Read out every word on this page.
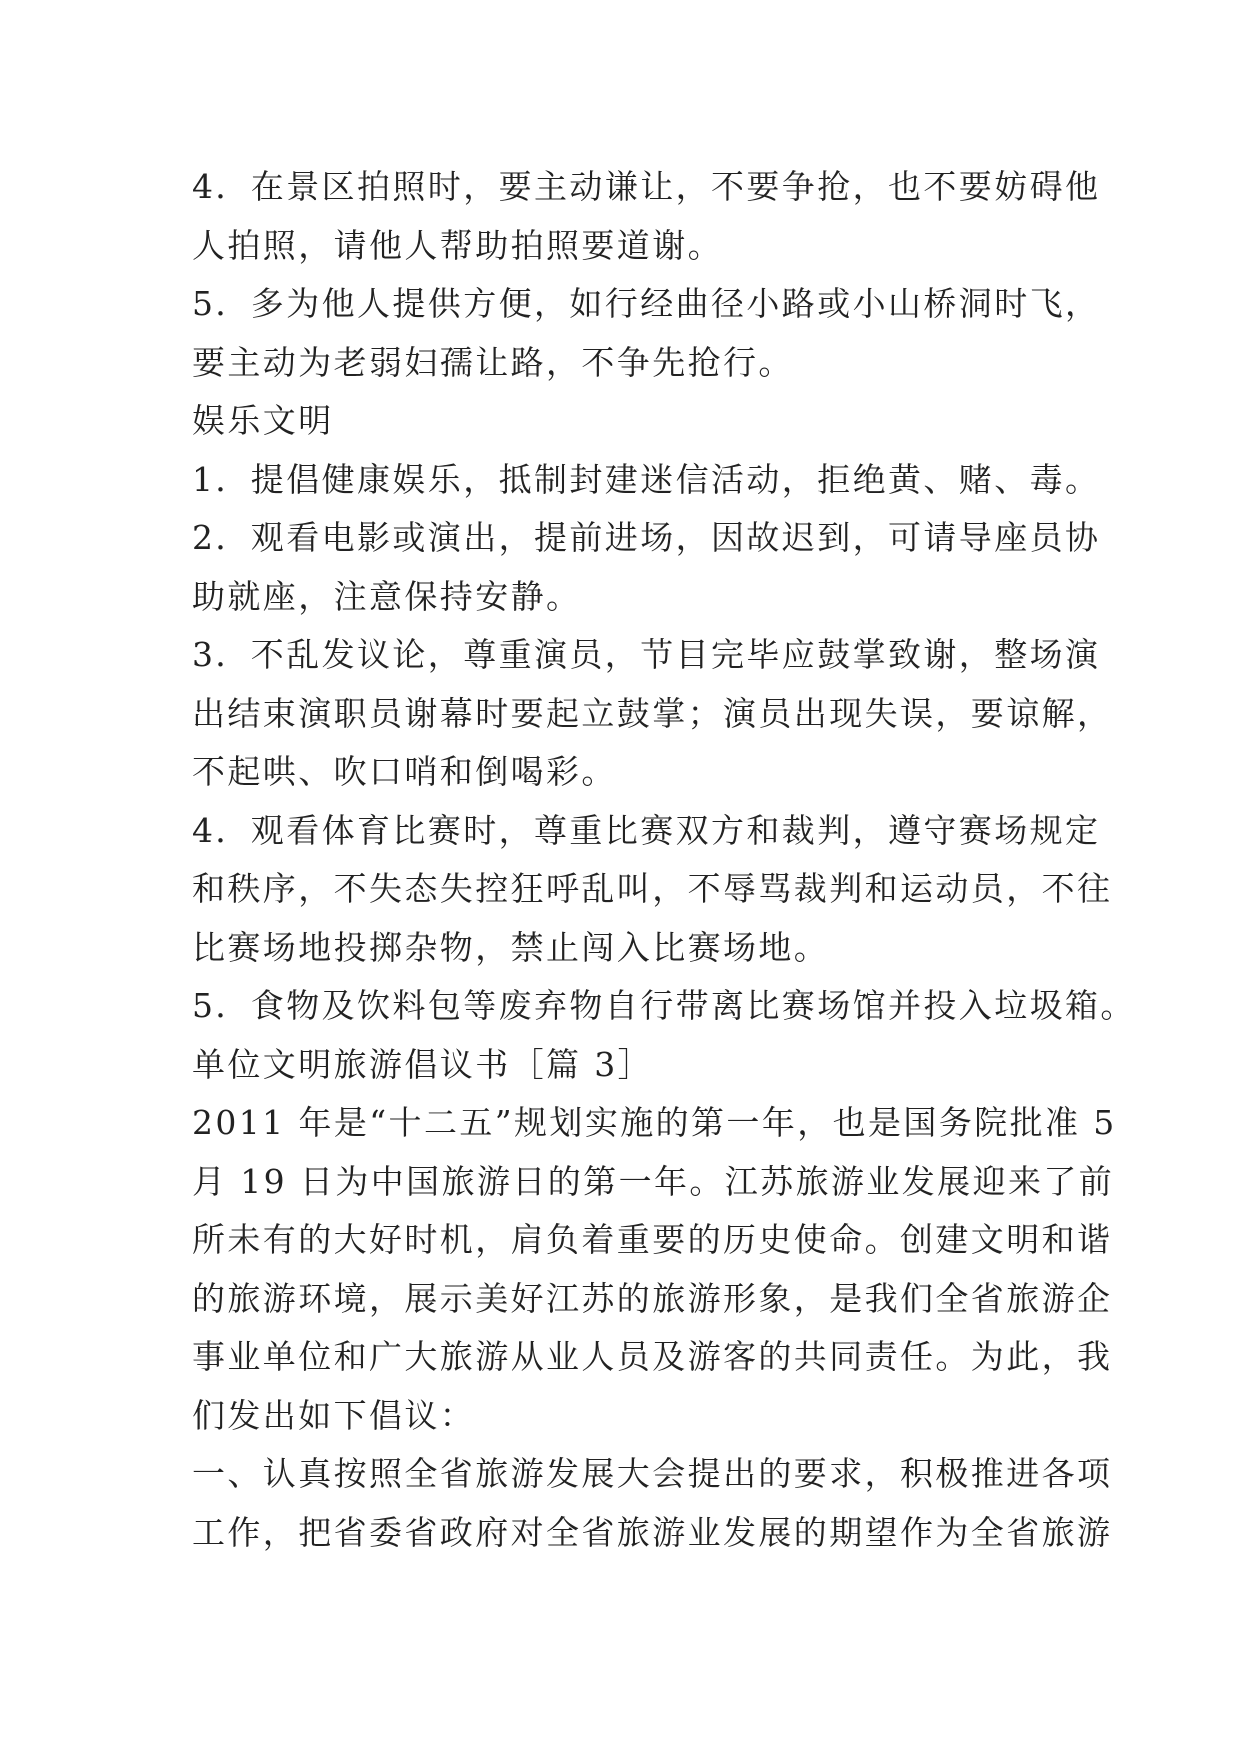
4．在景区拍照时，要主动谦让，不要争抢，也不要妨碍他
人拍照，请他人帮助拍照要道谢。
5．多为他人提供方便，如行经曲径小路或小山桥洞时飞，
要主动为老弱妇孺让路，不争先抢行。
娱乐文明
1．提倡健康娱乐，抵制封建迷信活动，拒绝黄、赌、毒。
2．观看电影或演出，提前进场，因故迟到，可请导座员协
助就座，注意保持安静。
3．不乱发议论，尊重演员，节目完毕应鼓掌致谢，整场演
出结束演职员谢幕时要起立鼓掌；演员出现失误，要谅解，
不起哄、吹口哨和倒喝彩。
4．观看体育比赛时，尊重比赛双方和裁判，遵守赛场规定
和秩序，不失态失控狂呼乱叫，不辱骂裁判和运动员，不往
比赛场地投掷杂物，禁止闯入比赛场地。
5．食物及饮料包等废弃物自行带离比赛场馆并投入垃圾箱。
单位文明旅游倡议书［篇 3］
2011 年是“十二五”规划实施的第一年，也是国务院批准 5
月 19 日为中国旅游日的第一年。江苏旅游业发展迎来了前
所未有的大好时机，肩负着重要的历史使命。创建文明和谐
的旅游环境，展示美好江苏的旅游形象，是我们全省旅游企
事业单位和广大旅游从业人员及游客的共同责任。为此，我
们发出如下倡议：
一、认真按照全省旅游发展大会提出的要求，积极推进各项
工作，把省委省政府对全省旅游业发展的期望作为全省旅游
